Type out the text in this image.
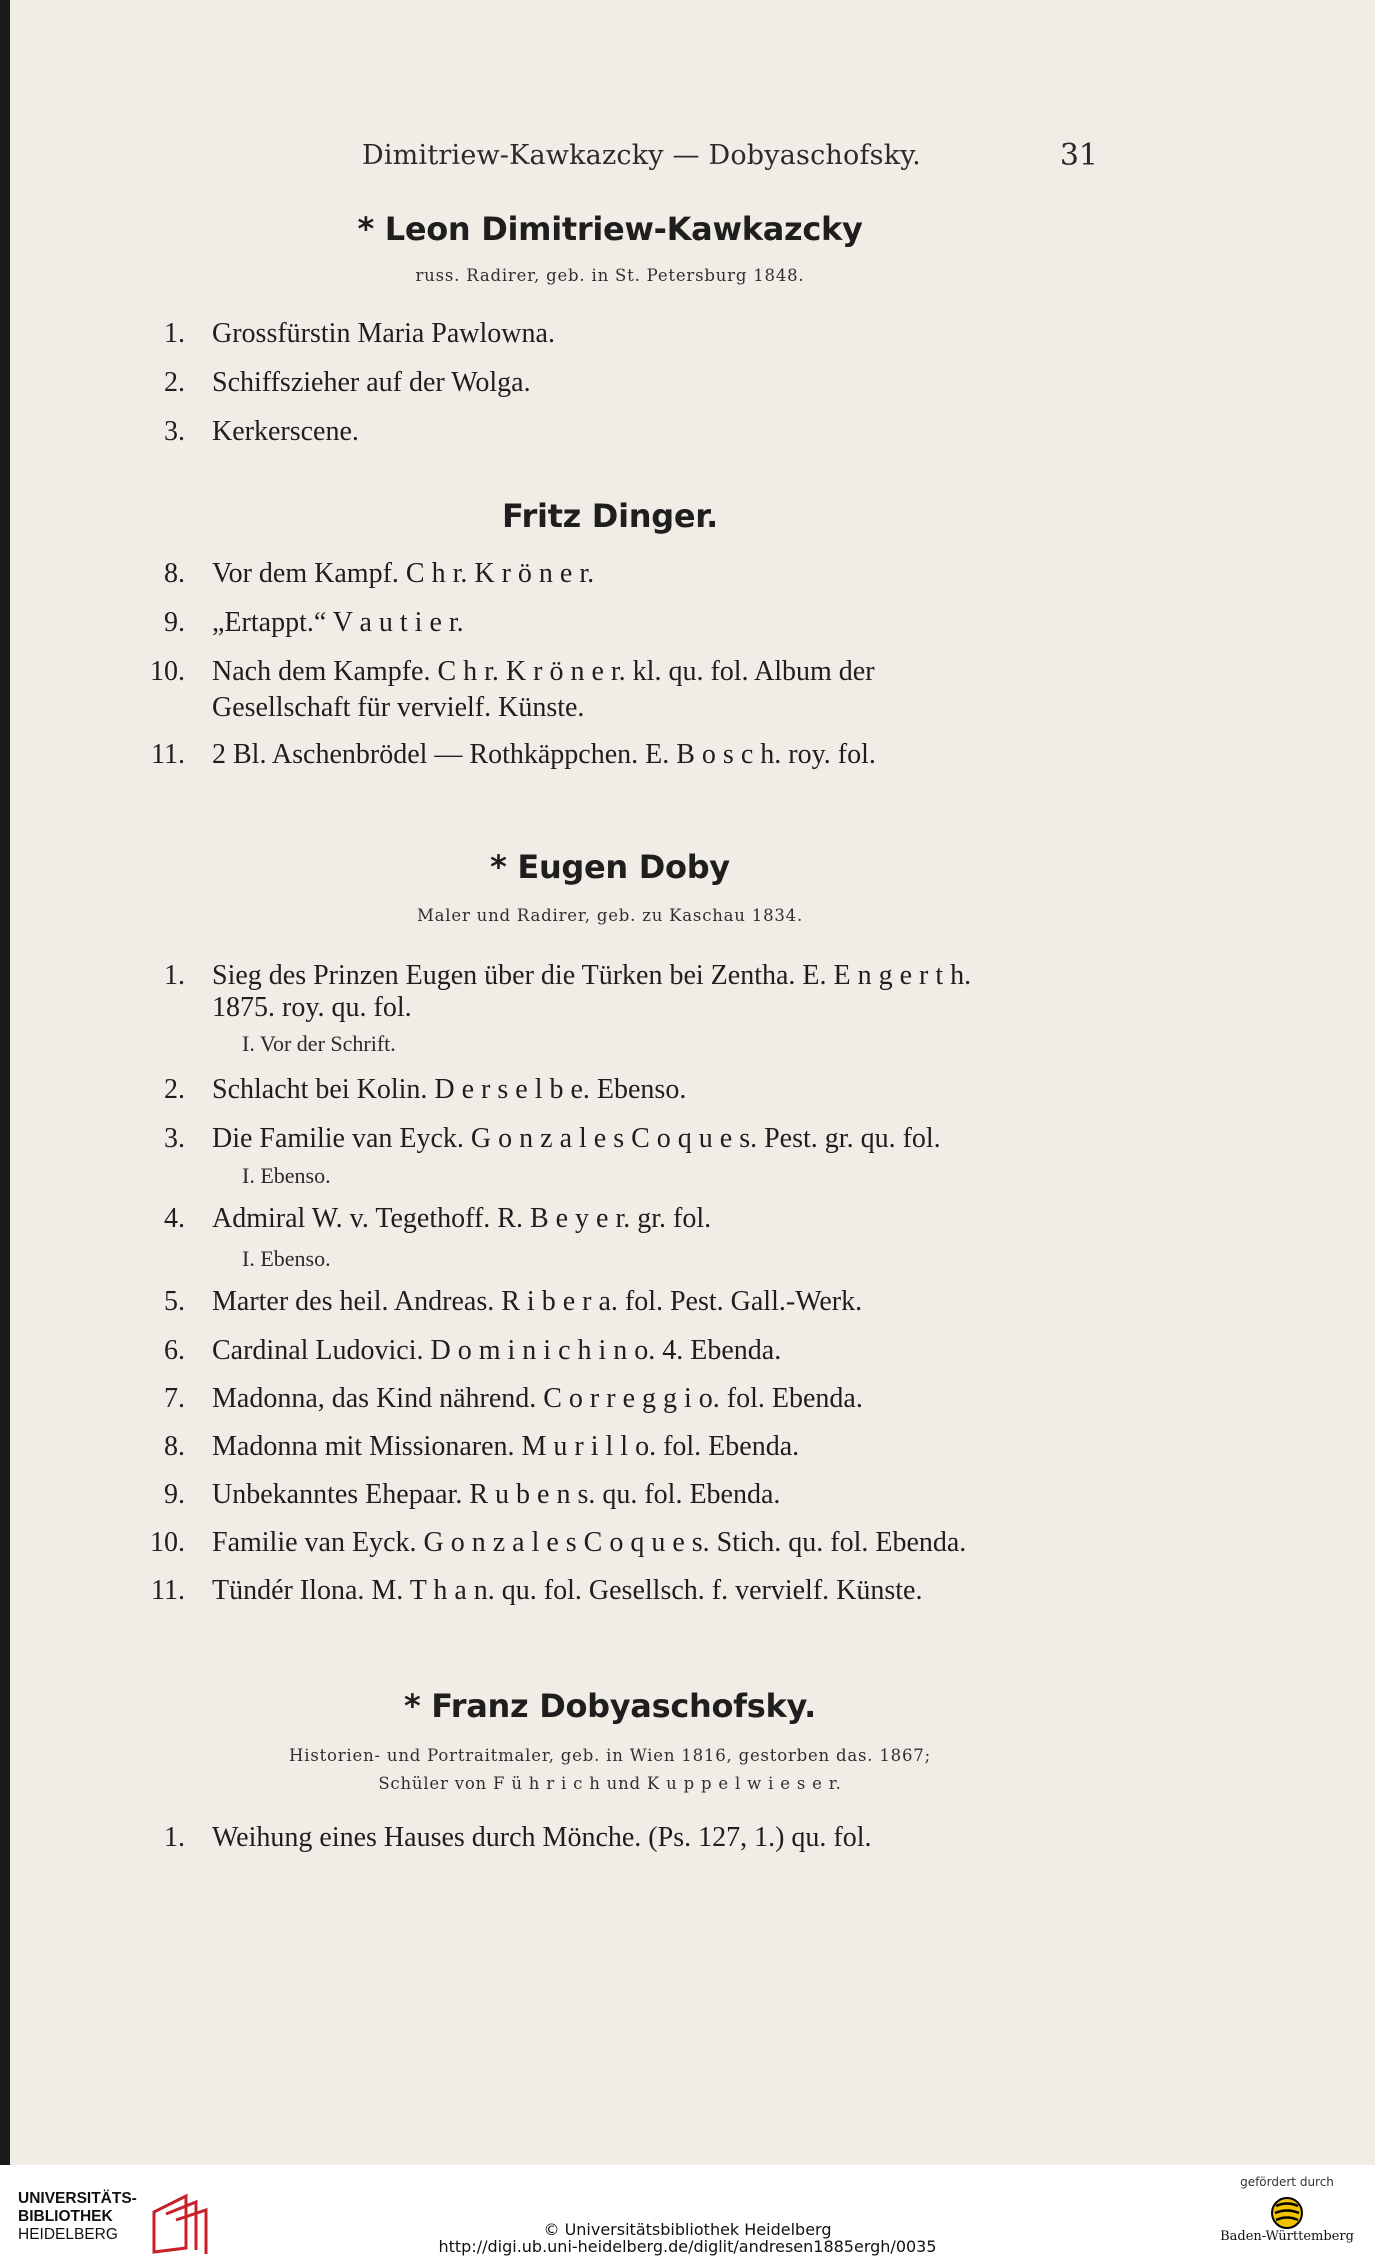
Dimitriew-Kawkazcky — Dobyaschofsky.	31
* Leon Dimitriew-Kawkazcky
russ. Radirer, geb. in St. Petersburg 1848.
1. Grossfürstin Maria Pawlowna.
2. Schiffszieher auf der Wolga.
3. Kerkerscene.
Fritz Dinger.
8. Vor dem Kampf. C h r. K r ö n e r.
9. „Ertappt.“ V a u t i e r.
10. Nach dem Kampfe. C h r. K r ö n e r. kl. qu. fol. Album der
Gesellschaft für vervielf. Künste.
11. 2 Bl. Aschenbrödel — Rothkäppchen. E. B o s c h. roy. fol.
* Eugen Doby
Maler und Radirer, geb. zu Kaschau 1834.
1. Sieg des Prinzen Eugen über die Türken bei Zentha. E. E n g e r t h.
1875. roy. qu. fol.
I. Vor der Schrift.
2. Schlacht bei Kolin. D e r s e l b e. Ebenso.
3. Die Familie van Eyck. G o n z a l e s C o q u e s. Pest. gr. qu. fol.
I. Ebenso.
4. Admiral W. v. Tegethoff. R. B e y e r. gr. fol.
I. Ebenso.
5. Marter des heil. Andreas. R i b e r a. fol. Pest. Gall.-Werk.
6. Cardinal Ludovici. D o m i n i c h i n o. 4. Ebenda.
7. Madonna, das Kind nährend. C o r r e g g i o. fol. Ebenda.
8. Madonna mit Missionaren. M u r i l l o. fol. Ebenda.
9. Unbekanntes Ehepaar. R u b e n s. qu. fol. Ebenda.
10. Familie van Eyck. G o n z a l e s C o q u e s. Stich. qu. fol. Ebenda.
11. Tündér Ilona. M. T h a n. qu. fol. Gesellsch. f. vervielf. Künste.
* Franz Dobyaschofsky.
Historien- und Portraitmaler, geb. in Wien 1816, gestorben das. 1867;
Schüler von F ü h r i c h und K u p p e l w i e s e r.
1. Weihung eines Hauses durch Mönche. (Ps. 127, 1.) qu. fol.
UNIVERSITÄTS-
BIBLIOTHEK
HEIDELBERG	© Universitätsbibliothek Heidelberg
http://digi.ub.uni-heidelberg.de/diglit/andresen1885ergh/0035
gefördert durch
Baden-Württemberg
